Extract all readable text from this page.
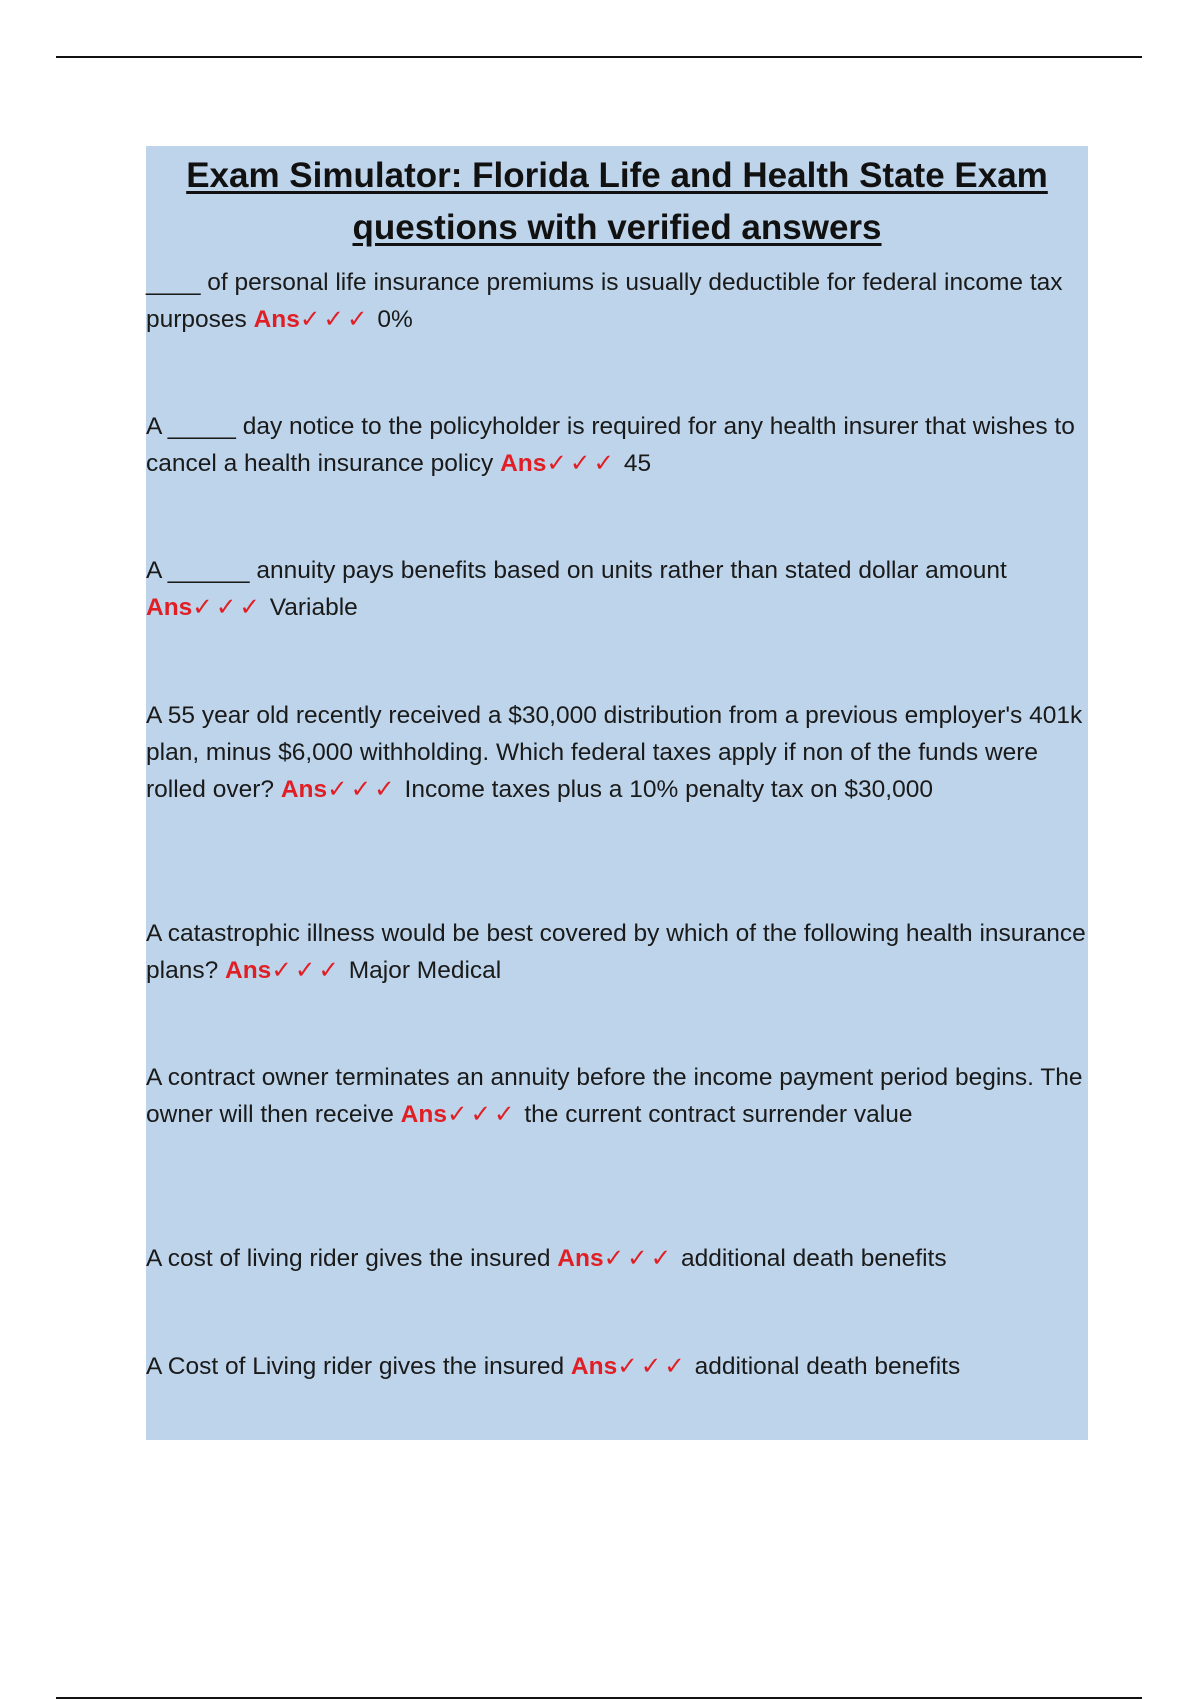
Exam Simulator: Florida Life and Health State Exam
questions with verified answers

____ of personal life insurance premiums is usually deductible for federal income tax purposes Ans✓✓✓ 0%

A _____ day notice to the policyholder is required for any health insurer that wishes to cancel a health insurance policy Ans✓✓✓ 45

A ______ annuity pays benefits based on units rather than stated dollar amount Ans✓✓✓ Variable

A 55 year old recently received a $30,000 distribution from a previous employer's 401k plan, minus $6,000 withholding. Which federal taxes apply if non of the funds were rolled over? Ans✓✓✓ Income taxes plus a 10% penalty tax on $30,000

A catastrophic illness would be best covered by which of the following health insurance plans? Ans✓✓✓ Major Medical

A contract owner terminates an annuity before the income payment period begins. The owner will then receive Ans✓✓✓ the current contract surrender value

A cost of living rider gives the insured Ans✓✓✓ additional death benefits

A Cost of Living rider gives the insured Ans✓✓✓ additional death benefits
